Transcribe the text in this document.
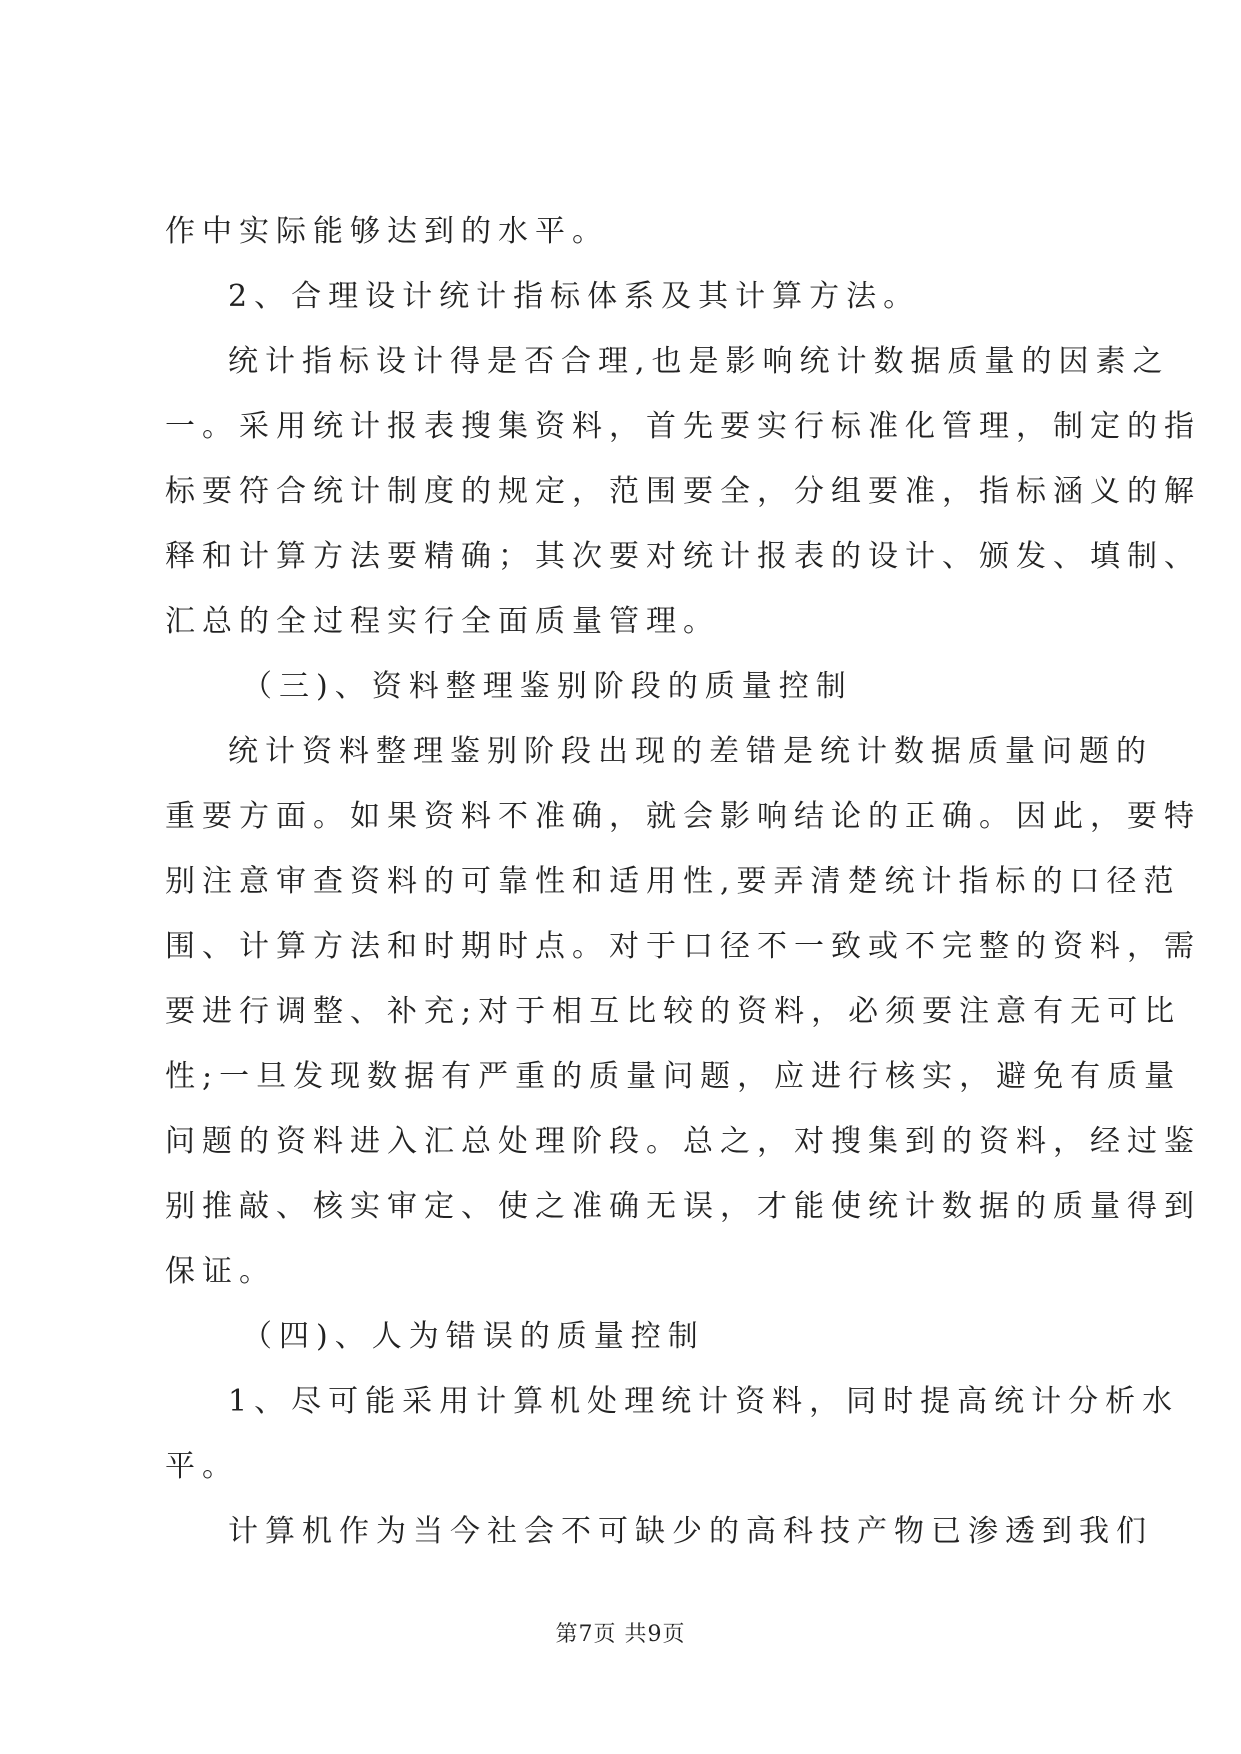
作中实际能够达到的水平。
2、合理设计统计指标体系及其计算方法。
统计指标设计得是否合理,也是影响统计数据质量的因素之
一。采用统计报表搜集资料，首先要实行标准化管理，制定的指
标要符合统计制度的规定，范围要全，分组要准，指标涵义的解
释和计算方法要精确；其次要对统计报表的设计、颁发、填制、
汇总的全过程实行全面质量管理。
（三)、资料整理鉴别阶段的质量控制
统计资料整理鉴别阶段出现的差错是统计数据质量问题的
重要方面。如果资料不准确，就会影响结论的正确。因此，要特
别注意审查资料的可靠性和适用性,要弄清楚统计指标的口径范
围、计算方法和时期时点。对于口径不一致或不完整的资料，需
要进行调整、补充;对于相互比较的资料，必须要注意有无可比
性;一旦发现数据有严重的质量问题，应进行核实，避免有质量
问题的资料进入汇总处理阶段。总之，对搜集到的资料，经过鉴
别推敲、核实审定、使之准确无误，才能使统计数据的质量得到
保证。
（四)、人为错误的质量控制
1、尽可能采用计算机处理统计资料，同时提高统计分析水
平。
计算机作为当今社会不可缺少的高科技产物已渗透到我们
第7页 共9页
